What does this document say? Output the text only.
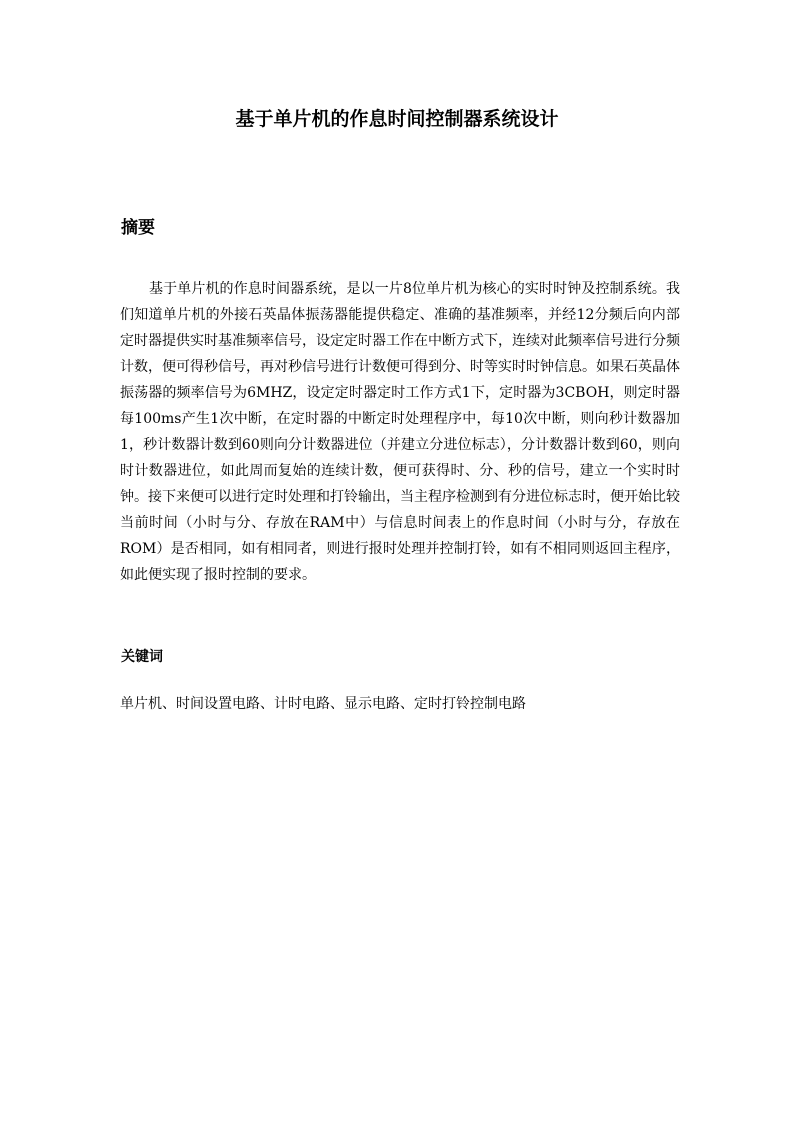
基于单片机的作息时间控制器系统设计
摘要

基于单片机的作息时间器系统，是以一片8位单片机为核心的实时时钟及控制系统。我们知道单片机的外接石英晶体振荡器能提供稳定、准确的基准频率，并经12分频后向内部定时器提供实时基准频率信号，设定定时器工作在中断方式下，连续对此频率信号进行分频计数，便可得秒信号，再对秒信号进行计数便可得到分、时等实时时钟信息。如果石英晶体振荡器的频率信号为6MHZ，设定定时器定时工作方式1下，定时器为3CBOH，则定时器每100ms产生1次中断，在定时器的中断定时处理程序中，每10次中断，则向秒计数器加1，秒计数器计数到60则向分计数器进位（并建立分进位标志），分计数器计数到60，则向时计数器进位，如此周而复始的连续计数，便可获得时、分、秒的信号，建立一个实时时钟。接下来便可以进行定时处理和打铃输出，当主程序检测到有分进位标志时，便开始比较当前时间（小时与分、存放在RAM中）与信息时间表上的作息时间（小时与分，存放在ROM）是否相同，如有相同者，则进行报时处理并控制打铃，如有不相同则返回主程序，如此便实现了报时控制的要求。

关键词

单片机、时间设置电路、计时电路、显示电路、定时打铃控制电路
